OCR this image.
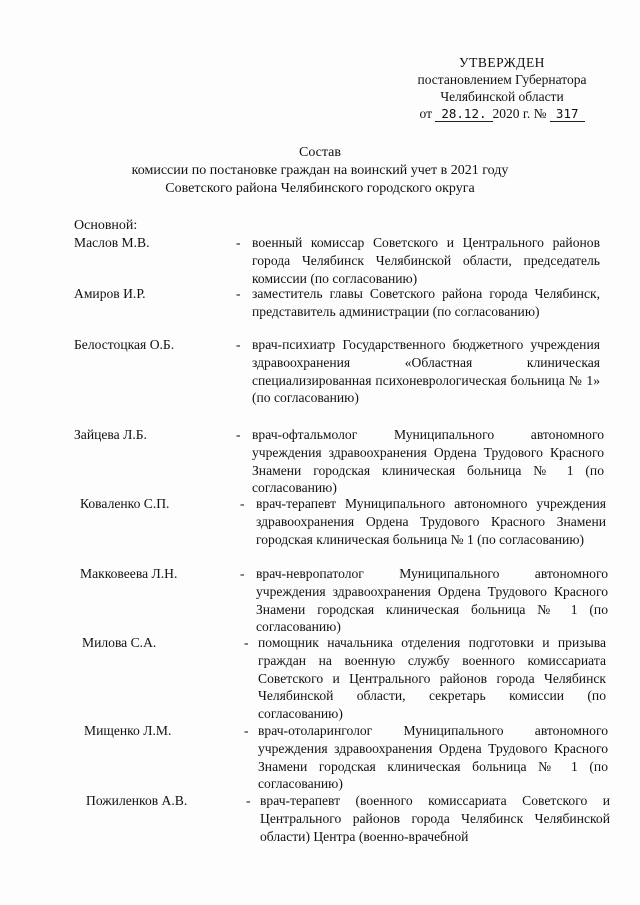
УТВЕРЖДЕН
постановлением Губернатора
Челябинской области
от 28.12. 2020 г. № 317
Состав
комиссии по постановке граждан на воинский учет в 2021 году
Советского района Челябинского городского округа
Основной:
Маслов М.В.	- военный комиссар Советского и Центрального районов города Челябинск Челябинской области, председатель комиссии (по согласованию)
Амиров И.Р.	- заместитель главы Советского района города Челябинск, представитель администрации (по согласованию)
Белостоцкая О.Б.	- врач-психиатр Государственного бюджетного учреждения здравоохранения «Областная клиническая специализированная психоневрологическая больница № 1» (по согласованию)
Зайцева Л.Б.	- врач-офтальмолог Муниципального автономного учреждения здравоохранения Ордена Трудового Красного Знамени городская клиническая больница № 1 (по согласованию)
Коваленко С.П.	- врач-терапевт Муниципального автономного учреждения здравоохранения Ордена Трудового Красного Знамени городская клиническая больница № 1 (по согласованию)
Макковеева Л.Н.	- врач-невропатолог Муниципального автономного учреждения здравоохранения Ордена Трудового Красного Знамени городская клиническая больница № 1 (по согласованию)
Милова С.А.	- помощник начальника отделения подготовки и призыва граждан на военную службу военного комиссариата Советского и Центрального районов города Челябинск Челябинской области, секретарь комиссии (по согласованию)
Мищенко Л.М.	- врач-отоларинголог Муниципального автономного учреждения здравоохранения Ордена Трудового Красного Знамени городская клиническая больница № 1 (по согласованию)
Пожиленков А.В.	- врач-терапевт (военного комиссариата Советского и Центрального районов города Челябинск Челябинской области) Центра (военно-врачебной
